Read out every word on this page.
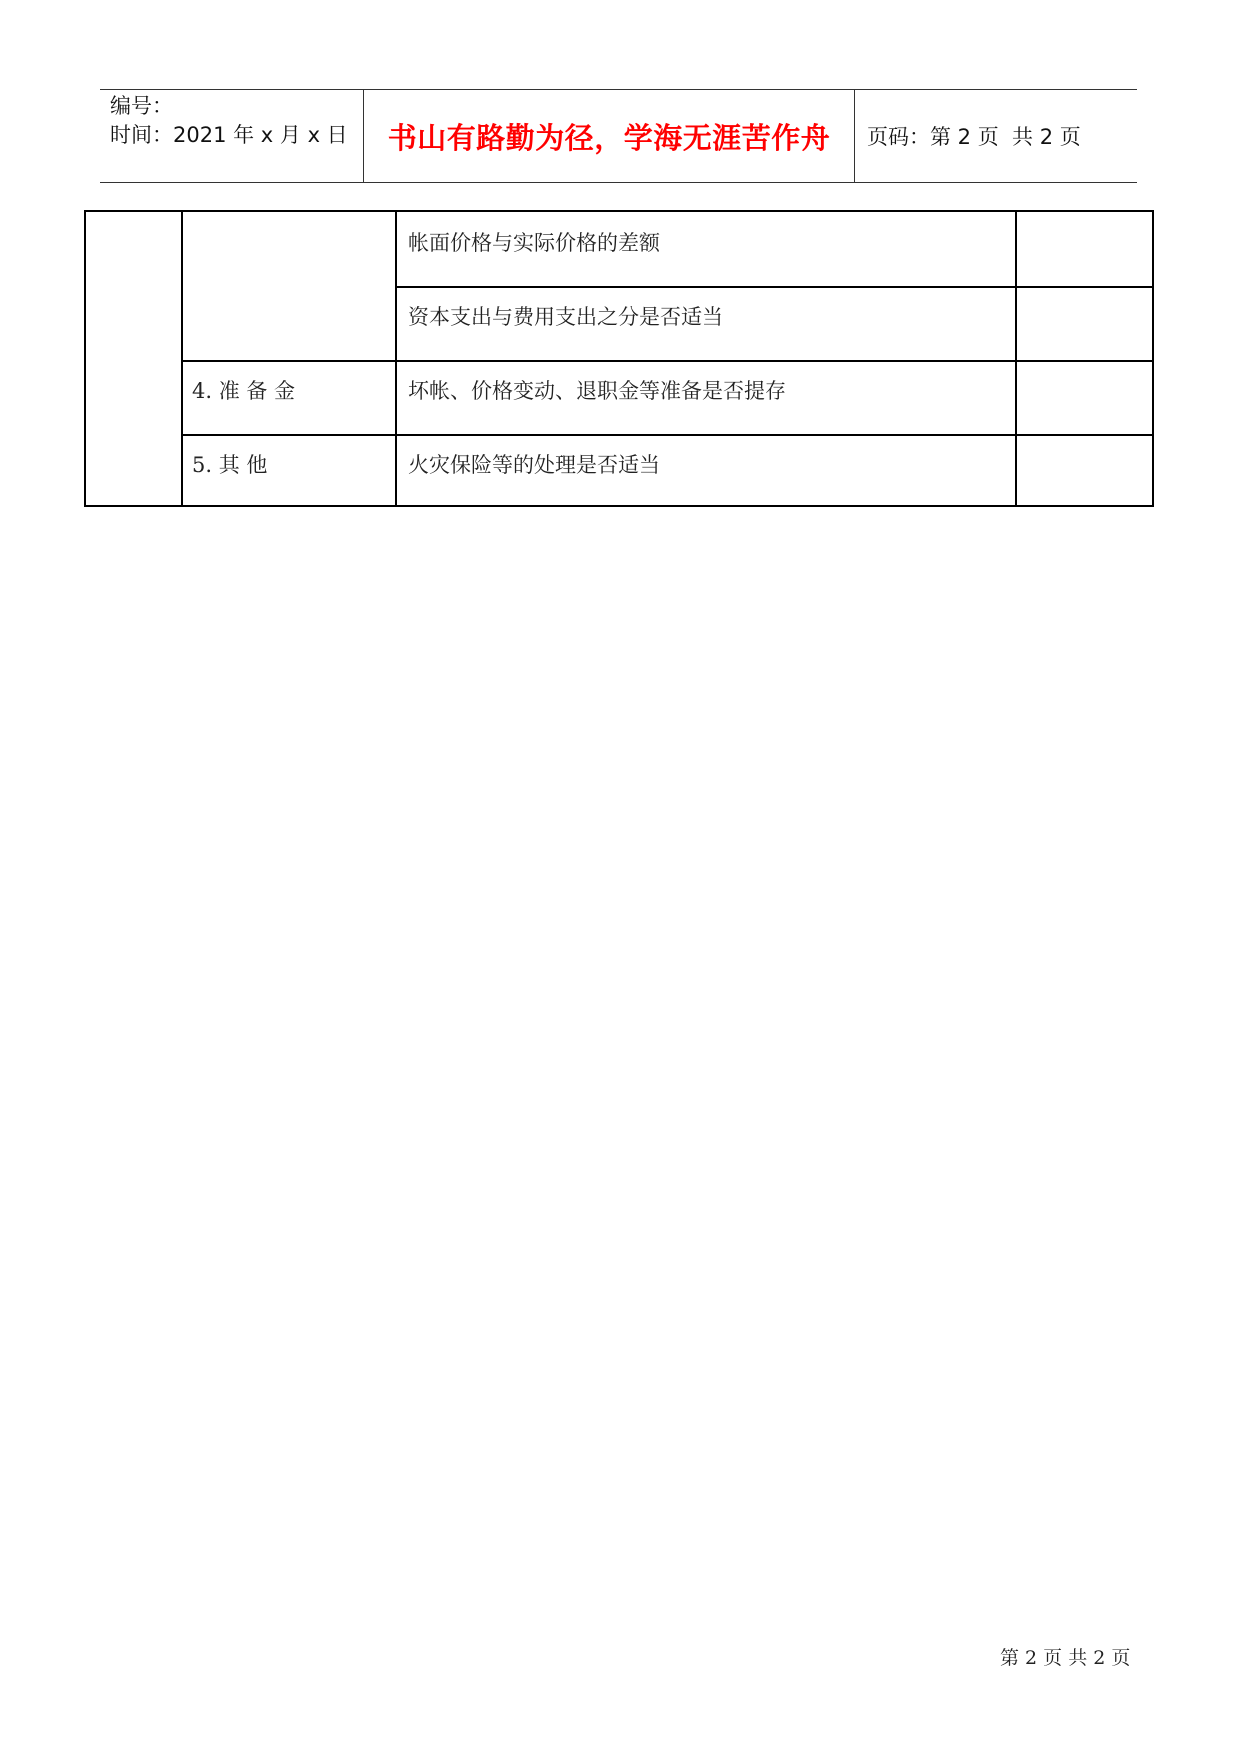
编号：
时间：2021 年 x 月 x 日	书山有路勤为径，学海无涯苦作舟	页码：第 2 页  共 2 页
帐面价格与实际价格的差额
资本支出与费用支出之分是否适当
4. 准 备 金	坏帐、价格变动、退职金等准备是否提存
5. 其 他	火灾保险等的处理是否适当
第 2 页 共 2 页
